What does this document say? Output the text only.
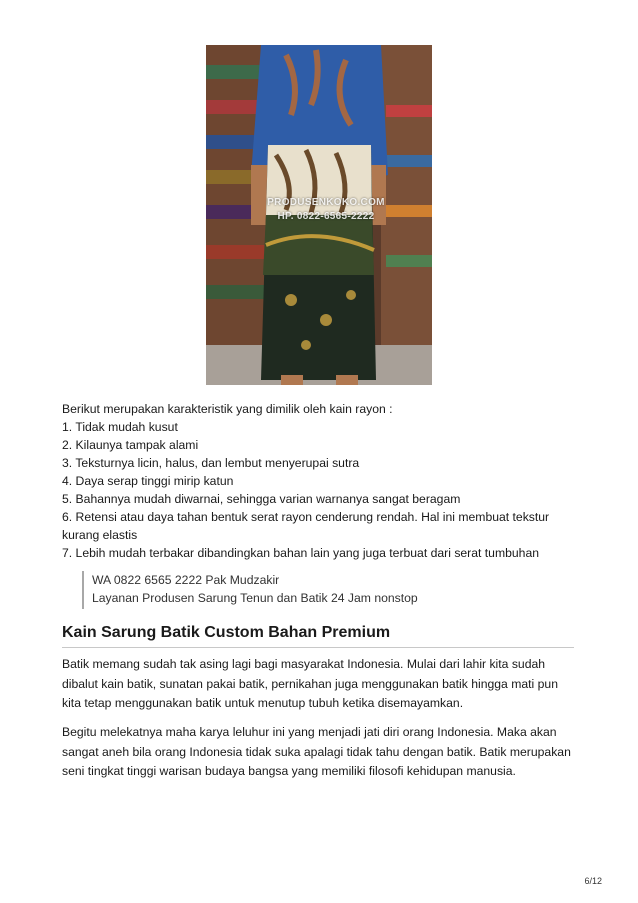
PRODUSENKOKO.COM
HP. 0822-6565-2222

Berikut merupakan karakteristik yang dimilik oleh kain rayon :

1. Tidak mudah kusut
2. Kilaunya tampak alami
3. Teksturnya licin, halus, dan lembut menyerupai sutra
4. Daya serap tinggi mirip katun
5. Bahannya mudah diwarnai, sehingga varian warnanya sangat beragam
6. Retensi atau daya tahan bentuk serat rayon cenderung rendah. Hal ini membuat tekstur kurang elastis
7. Lebih mudah terbakar dibandingkan bahan lain yang juga terbuat dari serat tumbuhan
WA 0822 6565 2222 Pak Mudzakir
Layanan Produsen Sarung Tenun dan Batik 24 Jam nonstop
Kain Sarung Batik Custom Bahan Premium

Batik memang sudah tak asing lagi bagi masyarakat Indonesia. Mulai dari lahir kita sudah dibalut kain batik, sunatan pakai batik, pernikahan juga menggunakan batik hingga mati pun kita tetap menggunakan batik untuk menutup tubuh ketika disemayamkan.

Begitu melekatnya maha karya leluhur ini yang menjadi jati diri orang Indonesia. Maka akan sangat aneh bila orang Indonesia tidak suka apalagi tidak tahu dengan batik. Batik merupakan seni tingkat tinggi warisan budaya bangsa yang memiliki filosofi kehidupan manusia.

6/12
